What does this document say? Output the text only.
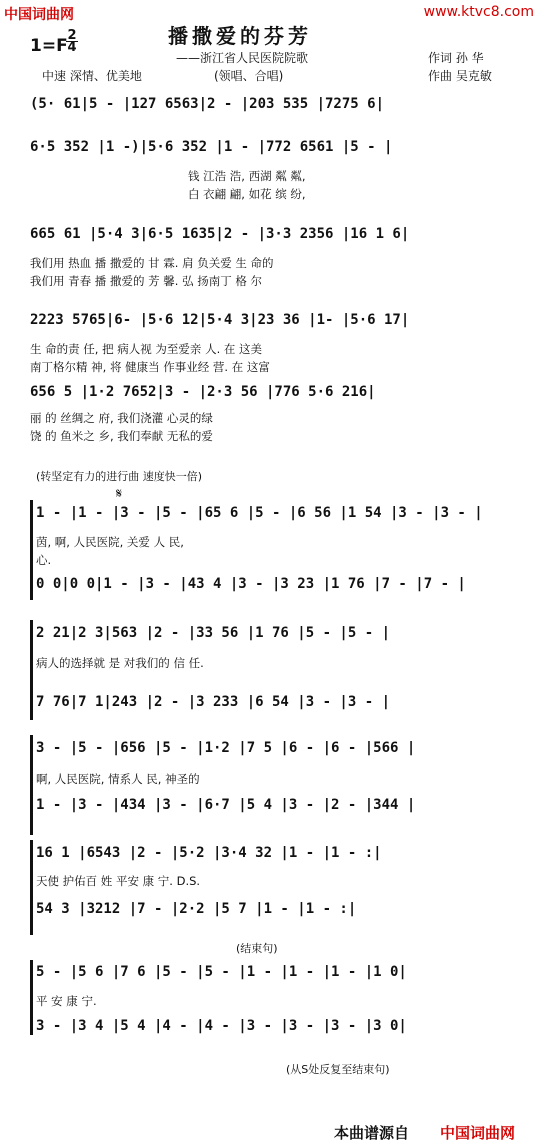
中国词曲网	www.ktvc8.com
播撒爱的芬芳
1=F
2
4
——浙江省人民医院院歌
中速 深情、优美地	(领唱、合唱)
作词 孙 华
作曲 吴克敏
(5· 61|5 - |127 6563|2 - |203 535 |7275 6|
6·5 352 |1 -)|5·6 352 |1 - |772 6561 |5 - |
钱 江浩 浩, 西湖 粼 粼,
白 衣翩 翩, 如花 缤 纷,
665 61 |5·4 3|6·5 1635|2 - |3·3 2356 |16 1 6|
我们用 热血 播 撒爱的 甘 霖. 肩 负关爱 生 命的
我们用 青春 播 撒爱的 芳 馨. 弘 扬南丁 格 尔
2223 5765|6- |5·6 12|5·4 3|23 36 |1- |5·6 17|
生 命的责 任, 把 病人视 为至爱亲 人. 在 这美
南丁格尔精 神, 将 健康当 作事业经 营. 在 这富
656 5 |1·2 7652|3 - |2·3 56 |776 5·6 216|
丽 的 丝绸之 府, 我们浇灌 心灵的绿
饶 的 鱼米之 乡, 我们奉献 无私的爱
(转坚定有力的进行曲 速度快一倍)
𝄋
1 - |1 - |3 - |5 - |65 6 |5 - |6 56 |1 54 |3 - |3 - |
茵, 啊, 人民医院, 关爱 人 民,
心.
0 0|0 0|1 - |3 - |43 4 |3 - |3 23 |1 76 |7 - |7 - |
2 21|2 3|563 |2 - |33 56 |1 76 |5 - |5 - |
病人的选择就 是 对我们的 信 任.
7 76|7 1|243 |2 - |3 233 |6 54 |3 - |3 - |
3 - |5 - |656 |5 - |1·2 |7 5 |6 - |6 - |566 |
啊, 人民医院, 情系人 民, 神圣的
1 - |3 - |434 |3 - |6·7 |5 4 |3 - |2 - |344 |
16 1 |6543 |2 - |5·2 |3·4 32 |1 - |1 - :|
天使 护佑百 姓 平安 康 宁. D.S.
54 3 |3212 |7 - |2·2 |5 7 |1 - |1 - :|
(结束句)
5 - |5 6 |7 6 |5 - |5 - |1 - |1 - |1 - |1 0|
平 安 康 宁.
3 - |3 4 |5 4 |4 - |4 - |3 - |3 - |3 - |3 0|
(从S处反复至结束句)
本曲谱源自 中国词曲网
